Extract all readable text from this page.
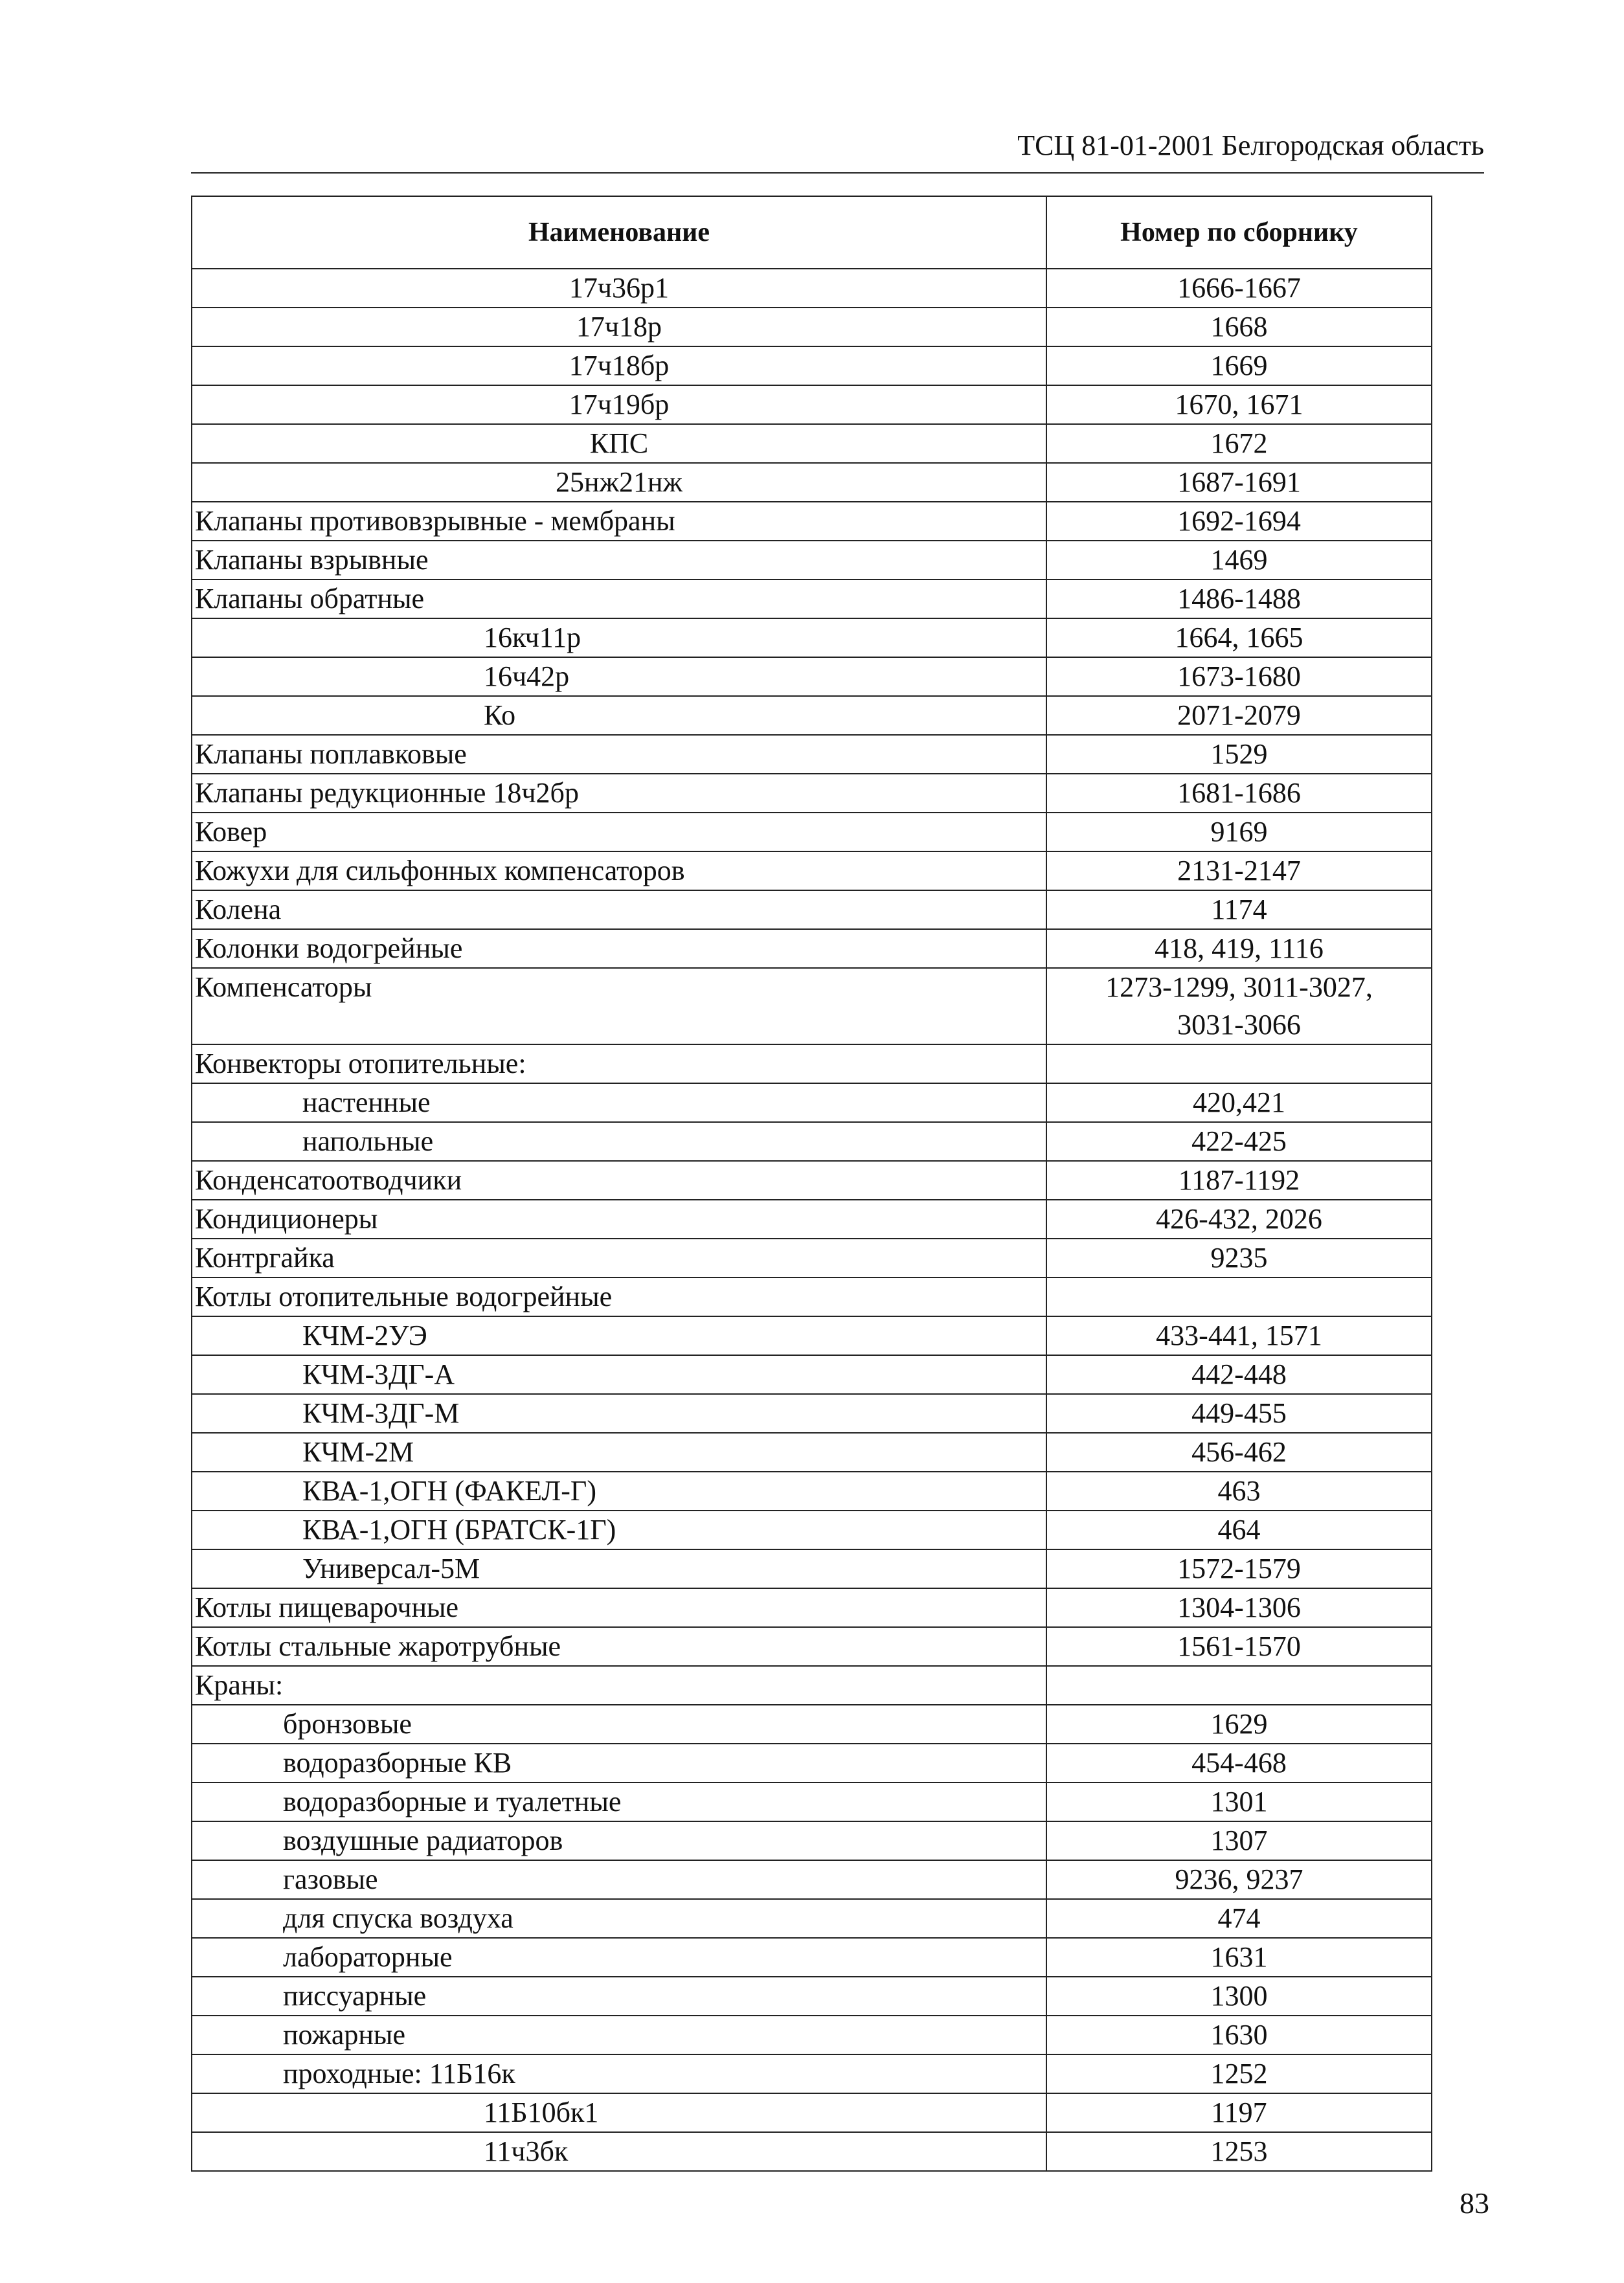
ТСЦ 81-01-2001 Белгородская область
Наименование	Номер по сборнику
17ч36р1	1666-1667
17ч18р	1668
17ч18бр	1669
17ч19бр	1670, 1671
КПС	1672
25нж21нж	1687-1691
Клапаны противовзрывные - мембраны	1692-1694
Клапаны взрывные	1469
Клапаны обратные	1486-1488
16кч11р	1664, 1665
16ч42р	1673-1680
Ко	2071-2079
Клапаны поплавковые	1529
Клапаны редукционные 18ч2бр	1681-1686
Ковер	9169
Кожухи для сильфонных компенсаторов	2131-2147
Колена	1174
Колонки водогрейные	418, 419, 1116
Компенсаторы	1273-1299, 3011-3027,
3031-3066

Конвекторы отопительные:	
настенные	420,421
напольные	422-425
Конденсатоотводчики	1187-1192
Кондиционеры	426-432, 2026
Контргайка	9235
Котлы отопительные водогрейные	
КЧМ-2УЭ	433-441, 1571
КЧМ-3ДГ-А	442-448
КЧМ-3ДГ-М	449-455
КЧМ-2М	456-462
КВА-1,ОГН (ФАКЕЛ-Г)	463
КВА-1,ОГН (БРАТСК-1Г)	464
Универсал-5М	1572-1579
Котлы пищеварочные	1304-1306
Котлы стальные жаротрубные	1561-1570
Краны:	
бронзовые	1629
водоразборные КВ	454-468
водоразборные и туалетные	1301
воздушные радиаторов	1307
газовые	9236, 9237
для спуска воздуха	474
лабораторные	1631
писсуарные	1300
пожарные	1630
проходные: 11Б16к	1252
11Б10бк1	1197
11ч3бк	1253
83
